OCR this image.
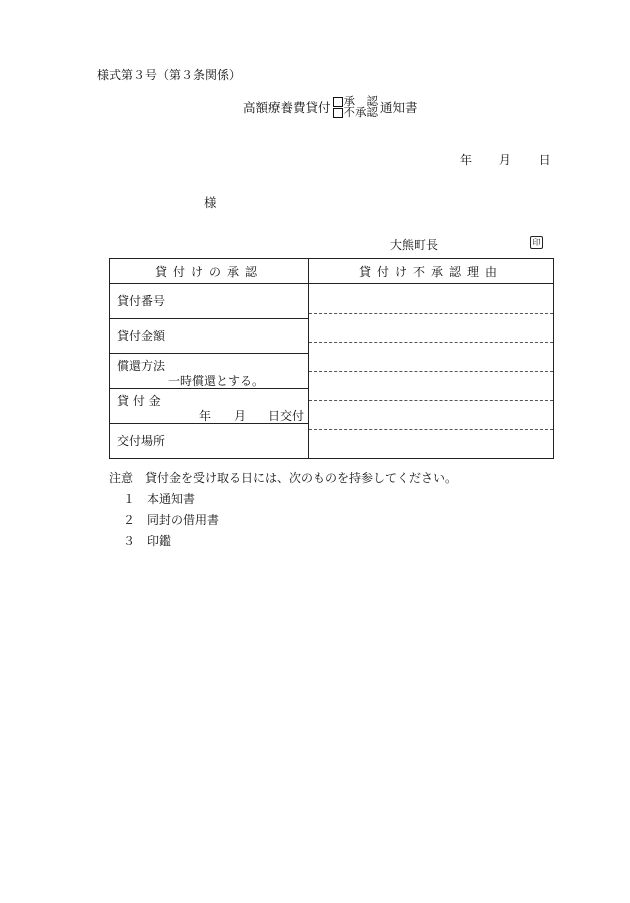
様式第３号（第３条関係）
高額療養費貸付 承　認
不承認 通知書
年 月 日
様
大熊町長	印
貸付けの承認	貸付け不承認理由

貸付番号	

貸付金額	

償還方法
一時償還とする。	

貸 付 金
年 月 日交付	

交付場所	
注意　貸付金を受け取る日には、次のものを持参してください。
１　本通知書
２　同封の借用書
３　印鑑
